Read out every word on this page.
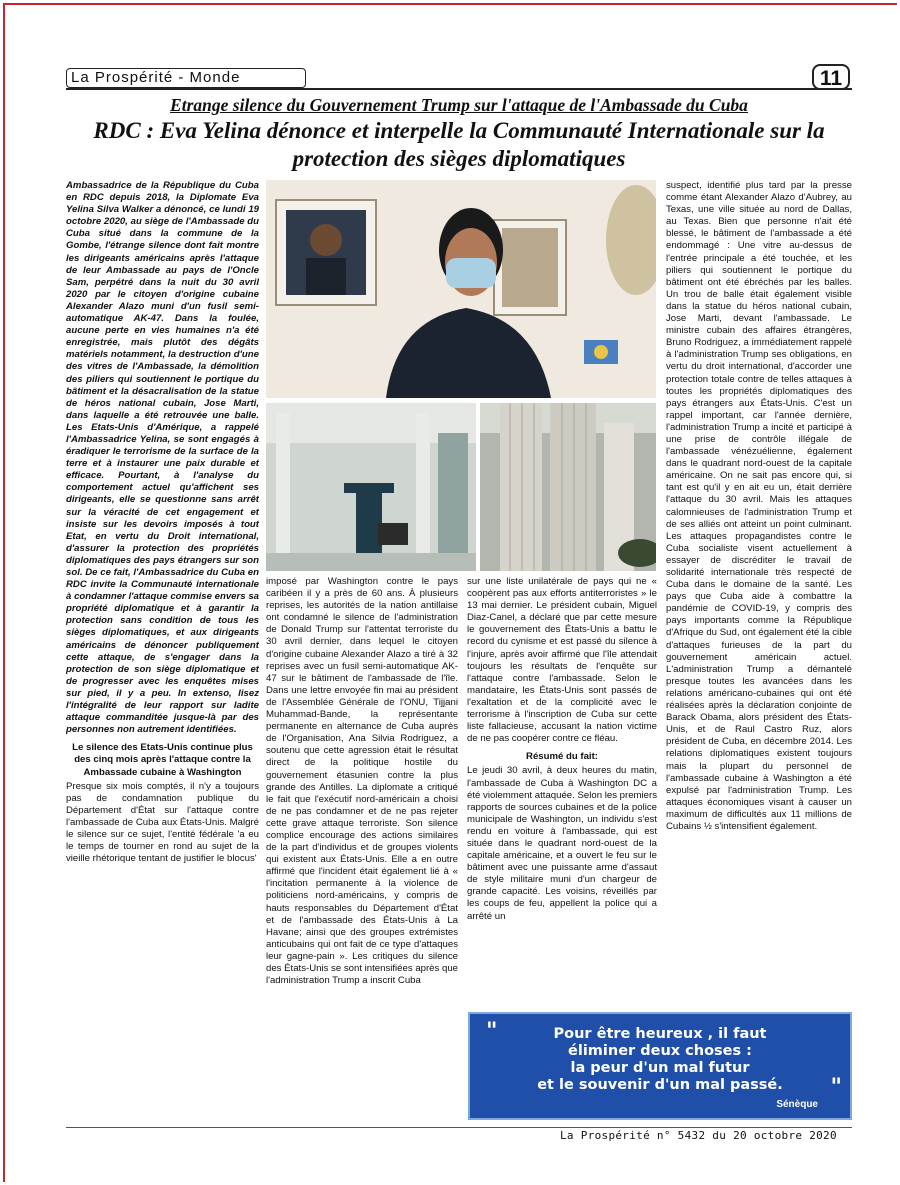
La Prospérité - Monde	11
Etrange silence du Gouvernement Trump sur l'attaque de l'Ambassade du Cuba
RDC : Eva Yelina dénonce et interpelle la Communauté Internationale sur la protection des sièges diplomatiques

Ambassadrice de la République du Cuba en RDC depuis 2018, la Diplomate Eva Yelina Silva Walker a dénoncé, ce lundi 19 octobre 2020, au siège de l'Ambassade du Cuba situé dans la commune de la Gombe, l'étrange silence dont fait montre les dirigeants américains après l'attaque de leur Ambassade au pays de l'Oncle Sam, perpétré dans la nuit du 30 avril 2020 par le citoyen d'origine cubaine Alexander Alazo muni d'un fusil semi-automatique AK-47. Dans la foulée, aucune perte en vies humaines n'a été enregistrée, mais plutôt des dégâts matériels notamment, la destruction d'une des vitres de l'Ambassade, la démolition des piliers qui soutiennent le portique du bâtiment et la désacralisation de la statue de héros national cubain, Jose Marti, dans laquelle a été retrouvée une balle. Les Etats-Unis d'Amérique, a rappelé l'Ambassadrice Yelina, se sont engagés à éradiquer le terrorisme de la surface de la terre et à instaurer une paix durable et efficace. Pourtant, à l'analyse du comportement actuel qu'affichent ses dirigeants, elle se questionne sans arrêt sur la véracité de cet engagement et insiste sur les devoirs imposés à tout Etat, en vertu du Droit international, d'assurer la protection des propriétés diplomatiques des pays étrangers sur son sol. De ce fait, l'Ambassadrice du Cuba en RDC invite la Communauté internationale à condamner l'attaque commise envers sa propriété diplomatique et à garantir la protection sans condition de tous les sièges diplomatiques, et aux dirigeants américains de dénoncer publiquement cette attaque, de s'engager dans la protection de son siège diplomatique et de progresser avec les enquêtes mises sur pied, il y a peu. In extenso, lisez l'intégralité de leur rapport sur ladite attaque commanditée jusque-là par des personnes non autrement identifiées.

Le silence des Etats-Unis continue plus des cinq mois après l'attaque contre la Ambassade cubaine à Washington

Presque six mois comptés, il n'y a toujours pas de condamnation publique du Département d'État sur l'attaque contre l'ambassade de Cuba aux États-Unis. Malgré le silence sur ce sujet, l'entité fédérale 'a eu le temps de tourner en rond au sujet de la vieille rhétorique tentant de justifier le blocus'

imposé par Washington contre le pays caribéen il y a près de 60 ans. À plusieurs reprises, les autorités de la nation antillaise ont condamné le silence de l'administration de Donald Trump sur l'attentat terroriste du 30 avril dernier, dans lequel le citoyen d'origine cubaine Alexander Alazo a tiré à 32 reprises avec un fusil semi-automatique AK-47 sur le bâtiment de l'ambassade de l'île. Dans une lettre envoyée fin mai au président de l'Assemblée Générale de l'ONU, Tijjani Muhammad-Bande, la représentante permanente en alternance de Cuba auprès de l'Organisation, Ana Silvia Rodriguez, a soutenu que cette agression était le résultat direct de la politique hostile du gouvernement étasunien contre la plus grande des Antilles. La diplomate a critiqué le fait que l'exécutif nord-américain a choisi de ne pas condamner et de ne pas rejeter cette grave attaque terroriste. Son silence complice encourage des actions similaires de la part d'individus et de groupes violents qui existent aux États-Unis. Elle a en outre affirmé que l'incident était également lié à « l'incitation permanente à la violence de politiciens nord-américains, y compris de hauts responsables du Département d'État et de l'ambassade des États-Unis à La Havane; ainsi que des groupes extrémistes anticubains qui ont fait de ce type d'attaques leur gagne-pain ». Les critiques du silence des États-Unis se sont intensifiées après que l'administration Trump a inscrit Cuba

sur une liste unilatérale de pays qui ne « coopèrent pas aux efforts antiterroristes » le 13 mai dernier. Le président cubain, Miguel Diaz-Canel, a déclaré que par cette mesure le gouvernement des États-Unis a battu le record du cynisme et est passé du silence à l'injure, après avoir affirmé que l'île attendait toujours les résultats de l'enquête sur l'attaque contre l'ambassade. Selon le mandataire, les États-Unis sont passés de l'exaltation et de la complicité avec le terrorisme à l'inscription de Cuba sur cette liste fallacieuse, accusant la nation victime de ne pas coopérer contre ce fléau.

Résumé du fait:

Le jeudi 30 avril, à deux heures du matin, l'ambassade de Cuba à Washington DC a été violemment attaquée. Selon les premiers rapports de sources cubaines et de la police municipale de Washington, un individu s'est rendu en voiture à l'ambassade, qui est située dans le quadrant nord-ouest de la capitale américaine, et a ouvert le feu sur le bâtiment avec une puissante arme d'assaut de style militaire muni d'un chargeur de grande capacité. Les voisins, réveillés par les coups de feu, appellent la police qui a arrêté un

suspect, identifié plus tard par la presse comme étant Alexander Alazo d'Aubrey, au Texas, une ville située au nord de Dallas, au Texas. Bien que personne n'ait été blessé, le bâtiment de l'ambassade a été endommagé : Une vitre au-dessus de l'entrée principale a été touchée, et les piliers qui soutiennent le portique du bâtiment ont été ébréchés par les balles. Un trou de balle était également visible dans la statue du héros national cubain, Jose Marti, devant l'ambassade. Le ministre cubain des affaires étrangères, Bruno Rodriguez, a immédiatement rappelé à l'administration Trump ses obligations, en vertu du droit international, d'accorder une protection totale contre de telles attaques à toutes les propriétés diplomatiques des pays étrangers aux États-Unis. C'est un rappel important, car l'année dernière, l'administration Trump a incité et participé à une prise de contrôle illégale de l'ambassade vénézuélienne, également dans le quadrant nord-ouest de la capitale américaine. On ne sait pas encore qui, si tant est qu'il y en ait eu un, était derrière l'attaque du 30 avril. Mais les attaques calomnieuses de l'administration Trump et de ses alliés ont atteint un point culminant. Les attaques propagandistes contre le Cuba socialiste visent actuellement à essayer de discréditer le travail de solidarité internationale très respecté de Cuba dans le domaine de la santé. Les pays que Cuba aide à combattre la pandémie de COVID-19, y compris des pays importants comme la République d'Afrique du Sud, ont également été la cible d'attaques furieuses de la part du gouvernement américain actuel. L'administration Trump a démantelé presque toutes les avancées dans les relations américano-cubaines qui ont été réalisées après la déclaration conjointe de Barack Obama, alors président des États-Unis, et de Raul Castro Ruz, alors président de Cuba, en décembre 2014. Les relations diplomatiques existent toujours mais la plupart du personnel de l'ambassade cubaine à Washington a été expulsé par l'administration Trump. Les attaques économiques visant à causer un maximum de difficultés aux 11 millions de Cubains ½ s'intensifient également.

"	Pour être heureux , il faut
éliminer deux choses :
la peur d'un mal futur
et le souvenir d'un mal passé.	"
Sénèque
La Prospérité n° 5432 du 20 octobre 2020
